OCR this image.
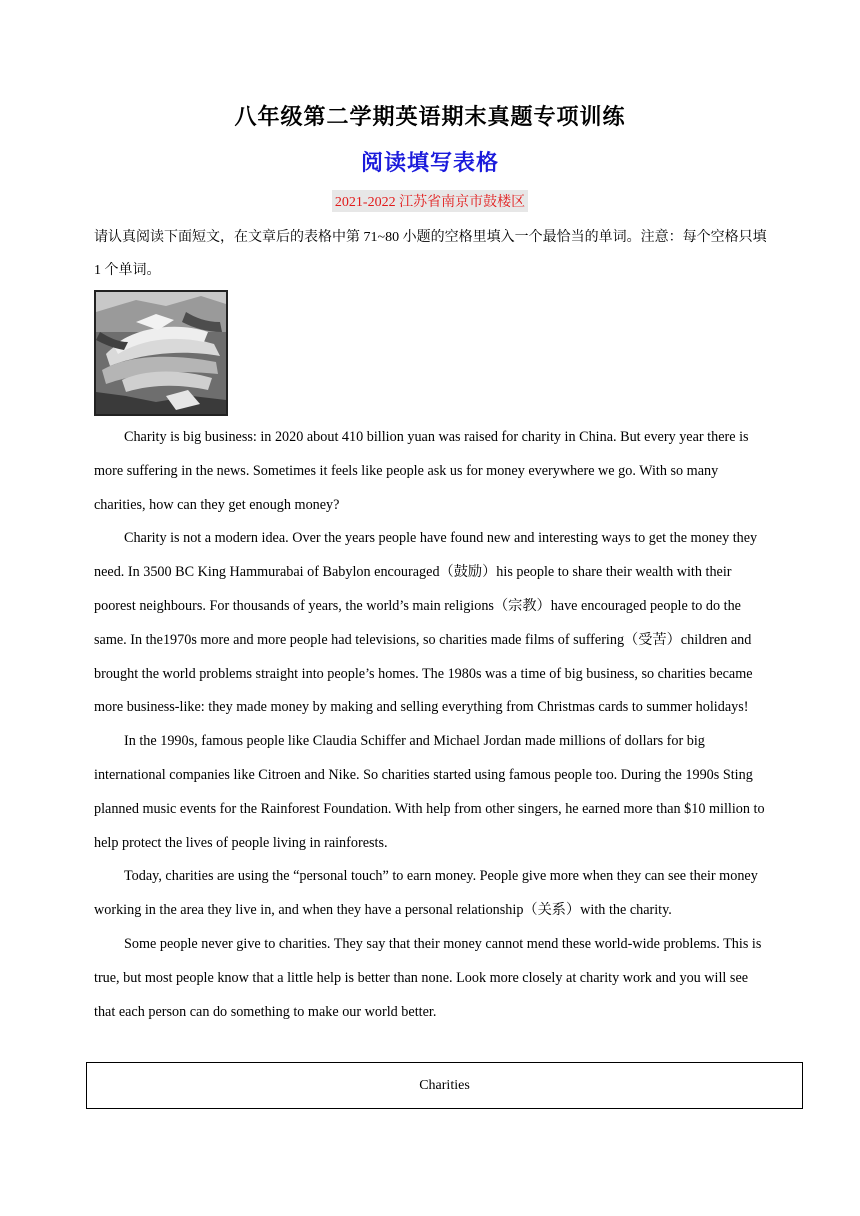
八年级第二学期英语期末真题专项训练
阅读填写表格
2021-2022 江苏省南京市鼓楼区
请认真阅读下面短文，在文章后的表格中第 71~80 小题的空格里填入一个最恰当的单词。注意：每个空格只填 1 个单词。

Charity is big business: in 2020 about 410 billion yuan was raised for charity in China. But every year there is more suffering in the news. Sometimes it feels like people ask us for money everywhere we go. With so many charities, how can they get enough money?

Charity is not a modern idea. Over the years people have found new and interesting ways to get the money they need. In 3500 BC King Hammurabai of Babylon encouraged（鼓励）his people to share their wealth with their poorest neighbours. For thousands of years, the world’s main religions（宗教）have encouraged people to do the same. In the1970s more and more people had televisions, so charities made films of suffering（受苦）children and brought the world problems straight into people’s homes. The 1980s was a time of big business, so charities became more business-like: they made money by making and selling everything from Christmas cards to summer holidays!

In the 1990s, famous people like Claudia Schiffer and Michael Jordan made millions of dollars for big international companies like Citroen and Nike. So charities started using famous people too. During the 1990s Sting planned music events for the Rainforest Foundation. With help from other singers, he earned more than $10 million to help protect the lives of people living in rainforests.

Today, charities are using the “personal touch” to earn money. People give more when they can see their money working in the area they live in, and when they have a personal relationship（关系）with the charity.

Some people never give to charities. They say that their money cannot mend these world-wide problems. This is true, but most people know that a little help is better than none. Look more closely at charity work and you will see that each person can do something to make our world better.

Charities
